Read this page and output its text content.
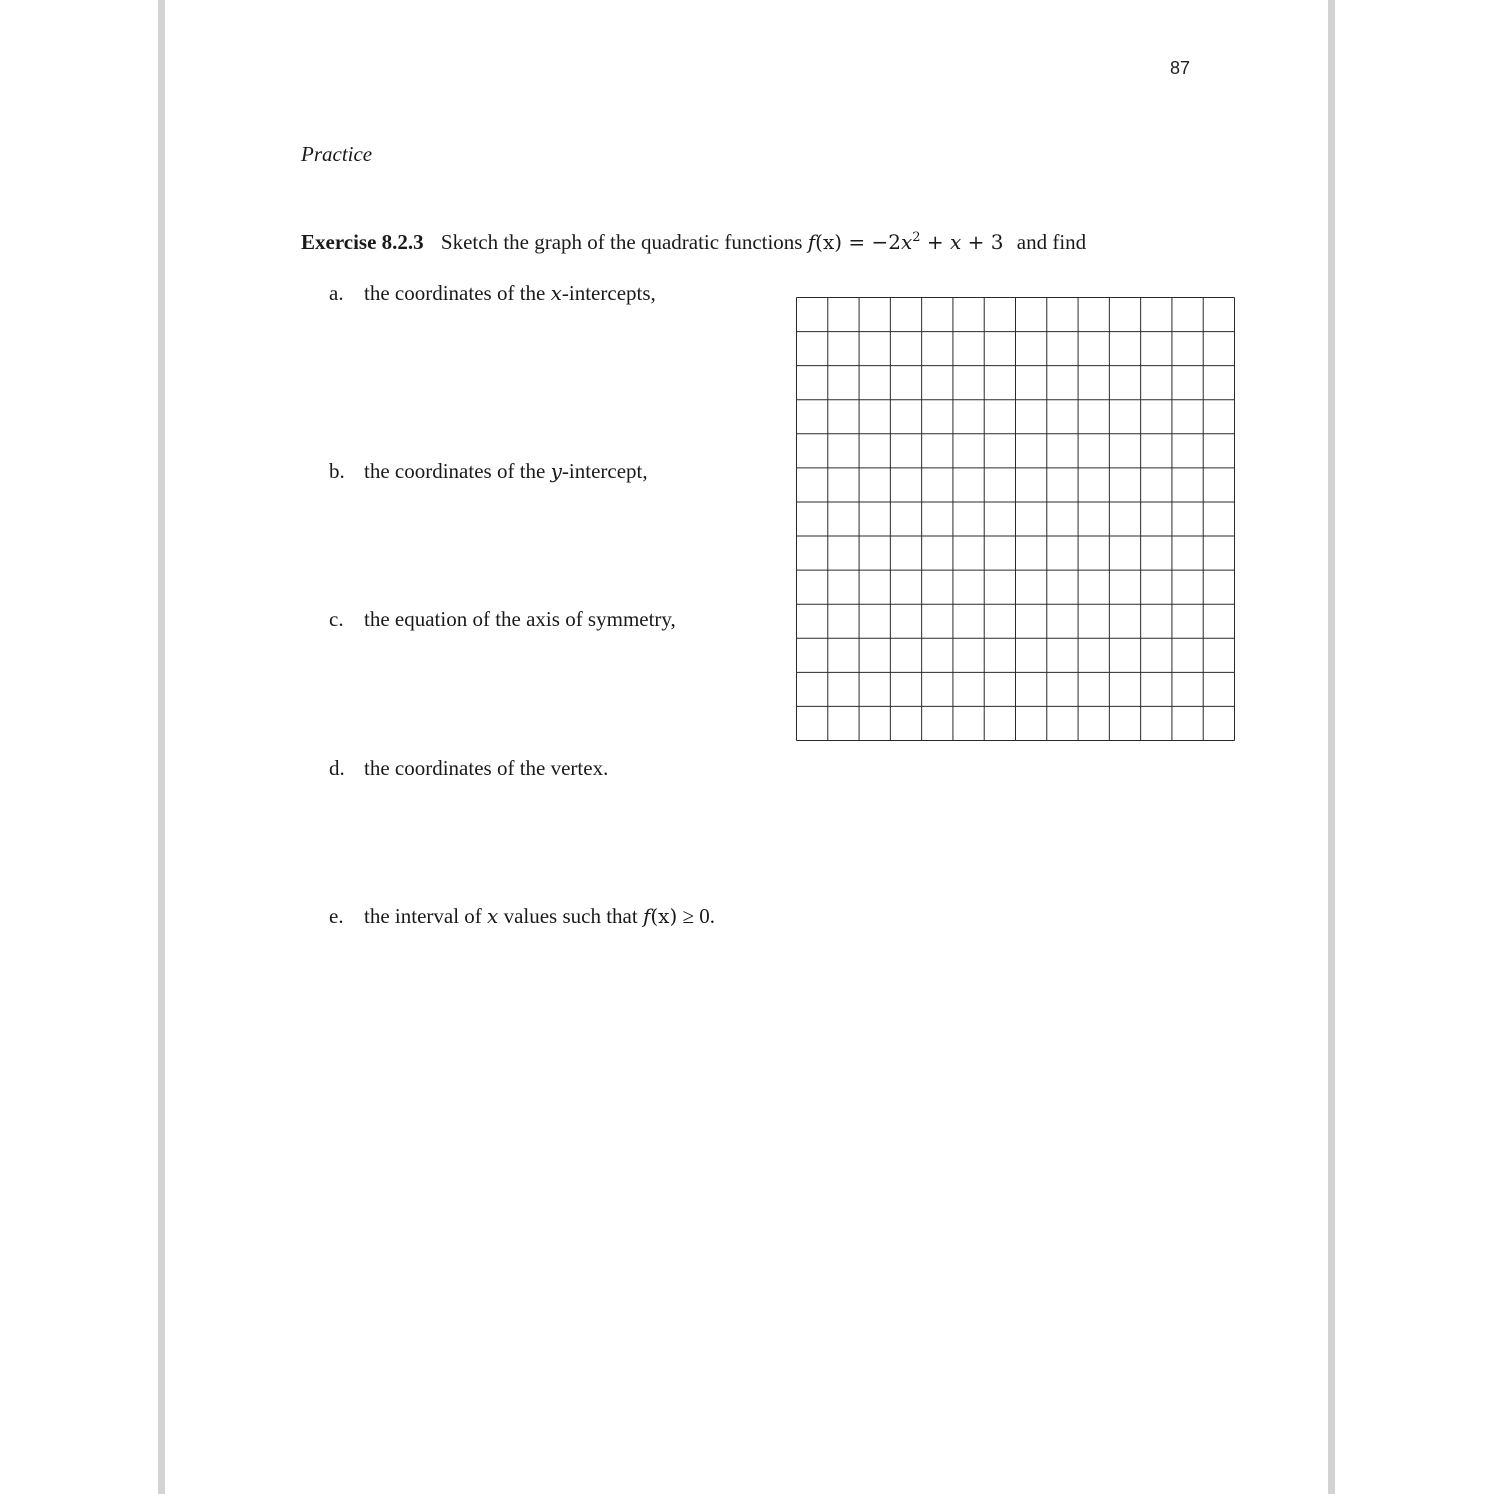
87
Practice
Exercise 8.2.3 Sketch the graph of the quadratic functions $f(x) = -2x^2 + x + 3$ and find
a. the coordinates of the x-intercepts,
b. the coordinates of the y-intercept,
c. the equation of the axis of symmetry,
d. the coordinates of the vertex.
e. the interval of x values such that f(x) ≥ 0.
